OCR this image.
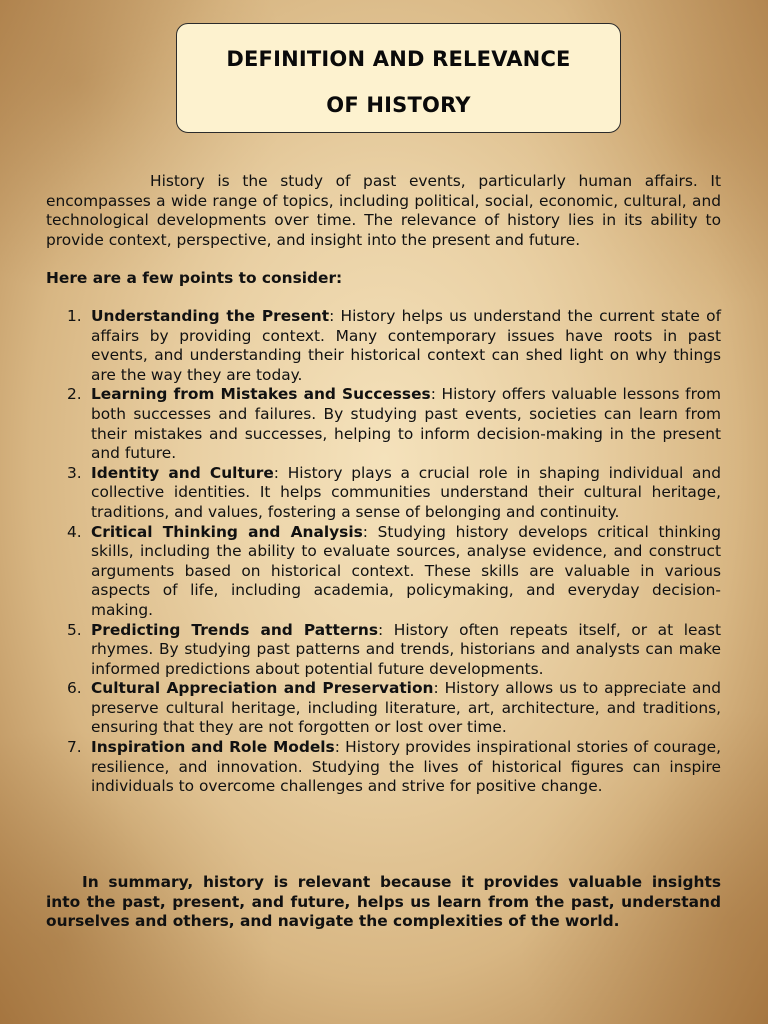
DEFINITION AND RELEVANCE
OF HISTORY

History is the study of past events, particularly human affairs. It encompasses a wide range of topics, including political, social, economic, cultural, and technological developments over time. The relevance of history lies in its ability to provide context, perspective, and insight into the present and future.

Here are a few points to consider:

1. Understanding the Present: History helps us understand the current state of affairs by providing context. Many contemporary issues have roots in past events, and understanding their historical context can shed light on why things are the way they are today.
2. Learning from Mistakes and Successes: History offers valuable lessons from both successes and failures. By studying past events, societies can learn from their mistakes and successes, helping to inform decision-making in the present and future.
3. Identity and Culture: History plays a crucial role in shaping individual and collective identities. It helps communities understand their cultural heritage, traditions, and values, fostering a sense of belonging and continuity.
4. Critical Thinking and Analysis: Studying history develops critical thinking skills, including the ability to evaluate sources, analyse evidence, and construct arguments based on historical context. These skills are valuable in various aspects of life, including academia, policymaking, and everyday decision-making.
5. Predicting Trends and Patterns: History often repeats itself, or at least rhymes. By studying past patterns and trends, historians and analysts can make informed predictions about potential future developments.
6. Cultural Appreciation and Preservation: History allows us to appreciate and preserve cultural heritage, including literature, art, architecture, and traditions, ensuring that they are not forgotten or lost over time.
7. Inspiration and Role Models: History provides inspirational stories of courage, resilience, and innovation. Studying the lives of historical figures can inspire individuals to overcome challenges and strive for positive change.

In summary, history is relevant because it provides valuable insights into the past, present, and future, helps us learn from the past, understand ourselves and others, and navigate the complexities of the world.
